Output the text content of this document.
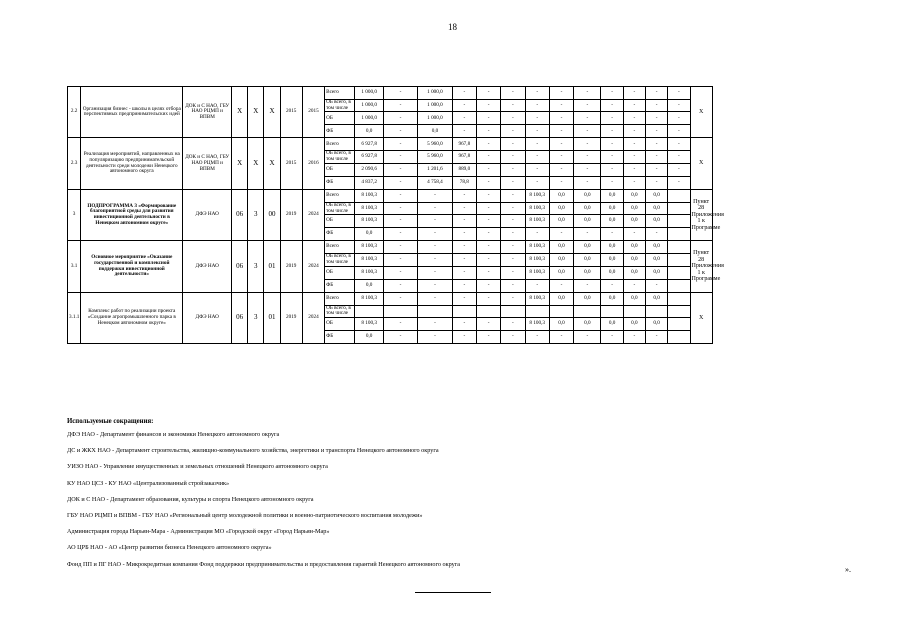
18
2.2	Организация бизнес - школы в целях отбора перспективных предпринимательских идей	ДОК и С НАО, ГБУ НАО РЦМП и ВПВМ	Х	Х	Х	2015	2015	Всего	1 000,0	-	1 000,0	-	-	-	-	-	-	-	-	-	-	Х
								ОБ всего, в том числе	1 000,0	-	1 000,0	-	-	-	-	-	-	-	-	-	-	
								ОБ	1 000,0	-	1 000,0	-	-	-	-	-	-	-	-	-	-	
								ФБ	0,0	-	0,0	-	-	-	-	-	-	-	-	-	-	
2.3	Реализация мероприятий, направленных на популяризацию предпринимательской деятельности среди молодежи Ненецкого автономного округа	ДОК и С НАО, ГБУ НАО РЦМП и ВПВМ	Х	Х	Х	2015	2016	Всего	6 927,8	-	5 960,0	967,8	-	-	-	-	-	-	-	-	-	Х
								ОБ всего, в том числе	6 927,8	-	5 960,0	967,8	-	-	-	-	-	-	-	-	-	
								ОБ	2 090,6	-	1 201,6	889,0	-	-	-	-	-	-	-	-	-	
								ФБ	4 837,2	-	4 758,4	78,8	-	-	-	-	-	-	-	-	-	
3	ПОДПРОГРАММА 3 «Формирование благоприятной среды для развития инвестиционной деятельности в Ненецком автономном округе»	ДФЭ НАО	06	3	00	2019	2024	Всего	8 100,3	-	-	-	-	-	8 100,3	0,0	0,0	0,0	0,0	0,0		Пункт 28 Приложения 1 к Программе
								ОБ всего, в том числе	8 100,3	-	-	-	-	-	8 100,3	0,0	0,0	0,0	0,0	0,0		
								ОБ	8 100,3	-	-	-	-	-	8 100,3	0,0	0,0	0,0	0,0	0,0		
								ФБ	0,0	-	-	-	-	-	-	-	-	-	-	-		
3.1	Основное мероприятие «Оказание государственной и комплексной поддержки инвестиционной деятельности»	ДФЭ НАО	06	3	01	2019	2024	Всего	8 100,3	-	-	-	-	-	8 100,3	0,0	0,0	0,0	0,0	0,0		Пункт 28 Приложения 1 к Программе
								ОБ всего, в том числе	8 100,3	-	-	-	-	-	8 100,3	0,0	0,0	0,0	0,0	0,0		
								ОБ	8 100,3	-	-	-	-	-	8 100,3	0,0	0,0	0,0	0,0	0,0		
								ФБ	0,0	-	-	-	-	-	-	-	-	-	-	-		
3.1.1	Комплекс работ по реализации проекта «Создание агропромышленного парка в Ненецком автономном округе»	ДФЭ НАО	06	3	01	2019	2024	Всего	8 100,3	-	-	-	-	-	8 100,3	0,0	0,0	0,0	0,0	0,0		Х
								ОБ всего, в том числе														
								ОБ	8 100,3	-	-	-	-	-	8 100,3	0,0	0,0	0,0	0,0	0,0		
								ФБ	0,0	-	-	-	-	-	-	-	-	-	-	-		
Используемые сокращения:
ДФЭ НАО - Департамент финансов и экономики Ненецкого автономного округа
ДС и ЖКХ НАО - Департамент строительства, жилищно-коммунального хозяйства, энергетики и транспорта Ненецкого автономного округа
УИЗО НАО - Управление имущественных и земельных отношений Ненецкого автономного округа
КУ НАО ЦСЗ - КУ НАО «Централизованный стройзаказчик»
ДОК и С НАО - Департамент образования, культуры и спорта Ненецкого автономного округа
ГБУ НАО РЦМП и ВПВМ - ГБУ НАО «Региональный центр молодежной политики и военно-патриотического воспитания молодежи»
Администрация города Нарьян-Мара - Администрация МО «Городской округ «Город Нарьян-Мар»
АО ЦРБ НАО - АО «Центр развития бизнеса Ненецкого автономного округа»
Фонд ПП и ПГ НАО - Микрокредитная компания Фонд поддержки предпринимательства и предоставления гарантий Ненецкого автономного округа
».
